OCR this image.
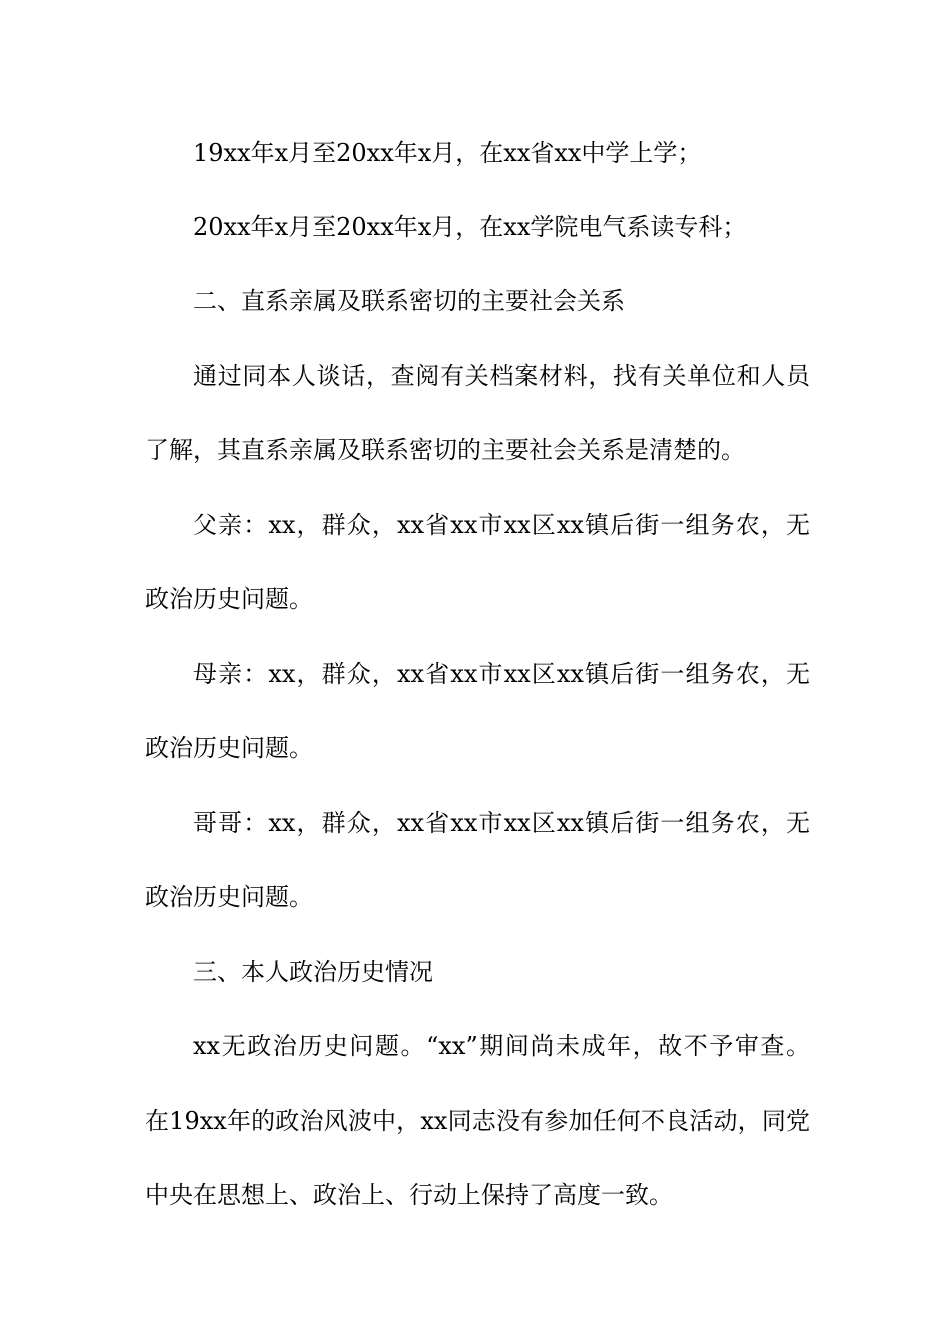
19xx年x月至20xx年x月，在xx省xx中学上学；
20xx年x月至20xx年x月，在xx学院电气系读专科；
二、直系亲属及联系密切的主要社会关系
通过同本人谈话，查阅有关档案材料，找有关单位和人员
了解，其直系亲属及联系密切的主要社会关系是清楚的。
父亲：xx，群众，xx省xx市xx区xx镇后街一组务农，无
政治历史问题。
母亲：xx，群众，xx省xx市xx区xx镇后街一组务农，无
政治历史问题。
哥哥：xx，群众，xx省xx市xx区xx镇后街一组务农，无
政治历史问题。
三、本人政治历史情况
xx无政治历史问题。“xx”期间尚未成年，故不予审查。
在19xx年的政治风波中，xx同志没有参加任何不良活动，同党
中央在思想上、政治上、行动上保持了高度一致。
